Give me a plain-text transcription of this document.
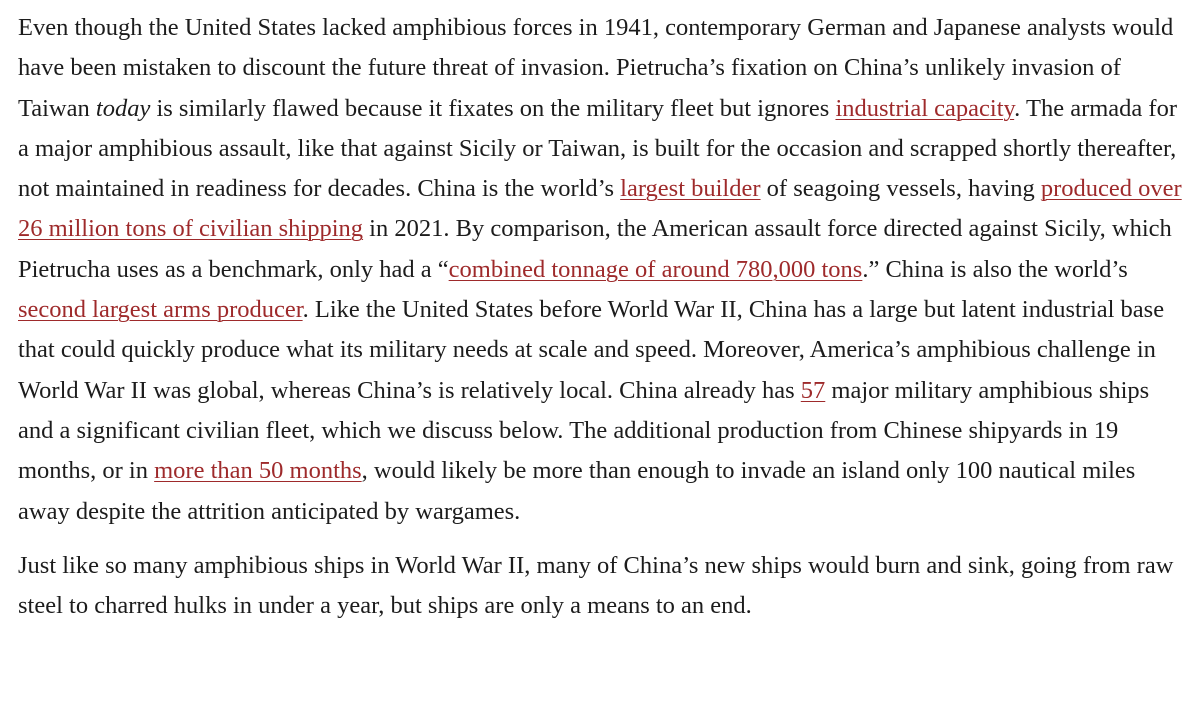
Even though the United States lacked amphibious forces in 1941, contemporary German and Japanese analysts would have been mistaken to discount the future threat of invasion. Pietrucha’s fixation on China’s unlikely invasion of Taiwan today is similarly flawed because it fixates on the military fleet but ignores industrial capacity. The armada for a major amphibious assault, like that against Sicily or Taiwan, is built for the occasion and scrapped shortly thereafter, not maintained in readiness for decades. China is the world’s largest builder of seagoing vessels, having produced over 26 million tons of civilian shipping in 2021. By comparison, the American assault force directed against Sicily, which Pietrucha uses as a benchmark, only had a “combined tonnage of around 780,000 tons.” China is also the world’s second largest arms producer. Like the United States before World War II, China has a large but latent industrial base that could quickly produce what its military needs at scale and speed. Moreover, America’s amphibious challenge in World War II was global, whereas China’s is relatively local. China already has 57 major military amphibious ships and a significant civilian fleet, which we discuss below. The additional production from Chinese shipyards in 19 months, or in more than 50 months, would likely be more than enough to invade an island only 100 nautical miles away despite the attrition anticipated by wargames.

Just like so many amphibious ships in World War II, many of China’s new ships would burn and sink, going from raw steel to charred hulks in under a year, but ships are only a means to an end.
